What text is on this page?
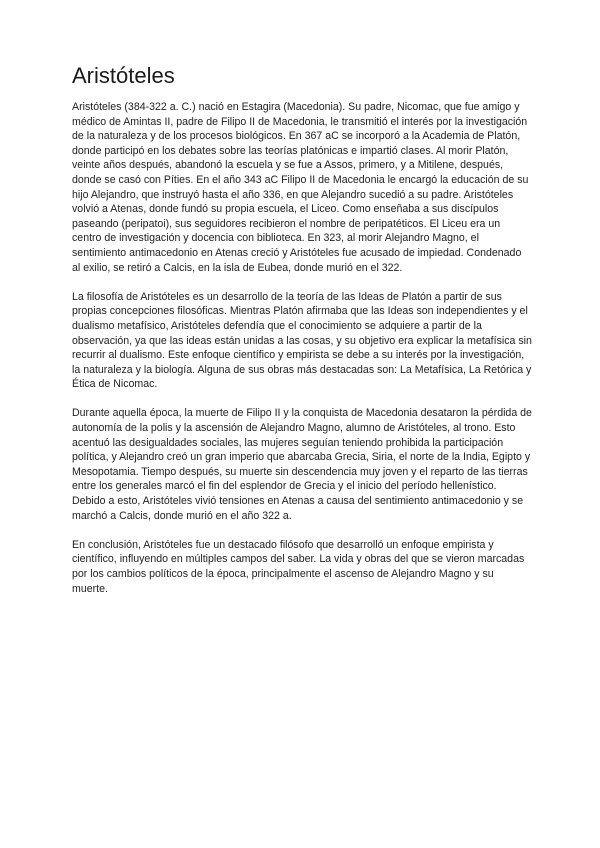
Aristóteles

Aristóteles (384-322 a. C.) nació en Estagira (Macedonia). Su padre, Nicomac, que fue amigo y médico de Amintas II, padre de Filipo II de Macedonia, le transmitió el interés por la investigación de la naturaleza y de los procesos biológicos. En 367 aC se incorporó a la Academia de Platón, donde participó en los debates sobre las teorías platónicas e impartió clases. Al morir Platón, veinte años después, abandonó la escuela y se fue a Assos, primero, y a Mitilene, después, donde se casó con Píties. En el año 343 aC Filipo II de Macedonia le encargó la educación de su hijo Alejandro, que instruyó hasta el año 336, en que Alejandro sucedió a su padre. Aristóteles volvió a Atenas, donde fundó su propia escuela, el Liceo. Como enseñaba a sus discípulos paseando (peripatoi), sus seguidores recibieron el nombre de peripatéticos. El Liceu era un centro de investigación y docencia con biblioteca. En 323, al morir Alejandro Magno, el sentimiento antimacedonio en Atenas creció y Aristóteles fue acusado de impiedad. Condenado al exilio, se retiró a Calcis, en la isla de Eubea, donde murió en el 322.

La filosofía de Aristóteles es un desarrollo de la teoría de las Ideas de Platón a partir de sus propias concepciones filosóficas. Mientras Platón afirmaba que las Ideas son independientes y el dualismo metafísico, Aristóteles defendía que el conocimiento se adquiere a partir de la observación, ya que las ideas están unidas a las cosas, y su objetivo era explicar la metafísica sin recurrir al dualismo. Este enfoque científico y empirista se debe a su interés por la investigación, la naturaleza y la biología. Alguna de sus obras más destacadas son: La Metafísica, La Retórica y Ética de Nicomac.

Durante aquella época, la muerte de Filipo II y la conquista de Macedonia desataron la pérdida de autonomía de la polis y la ascensión de Alejandro Magno, alumno de Aristóteles, al trono. Esto acentuó las desigualdades sociales, las mujeres seguían teniendo prohibida la participación política, y Alejandro creó un gran imperio que abarcaba Grecia, Siria, el norte de la India, Egipto y Mesopotamia. Tiempo después, su muerte sin descendencia muy joven y el reparto de las tierras entre los generales marcó el fin del esplendor de Grecia y el inicio del período hellenístico. Debido a esto, Aristóteles vivió tensiones en Atenas a causa del sentimiento antimacedonio y se marchó a Calcis, donde murió en el año 322 a.

En conclusión, Aristóteles fue un destacado filósofo que desarrolló un enfoque empirista y científico, influyendo en múltiples campos del saber. La vida y obras del que se vieron marcadas por los cambios políticos de la época, principalmente el ascenso de Alejandro Magno y su muerte.
